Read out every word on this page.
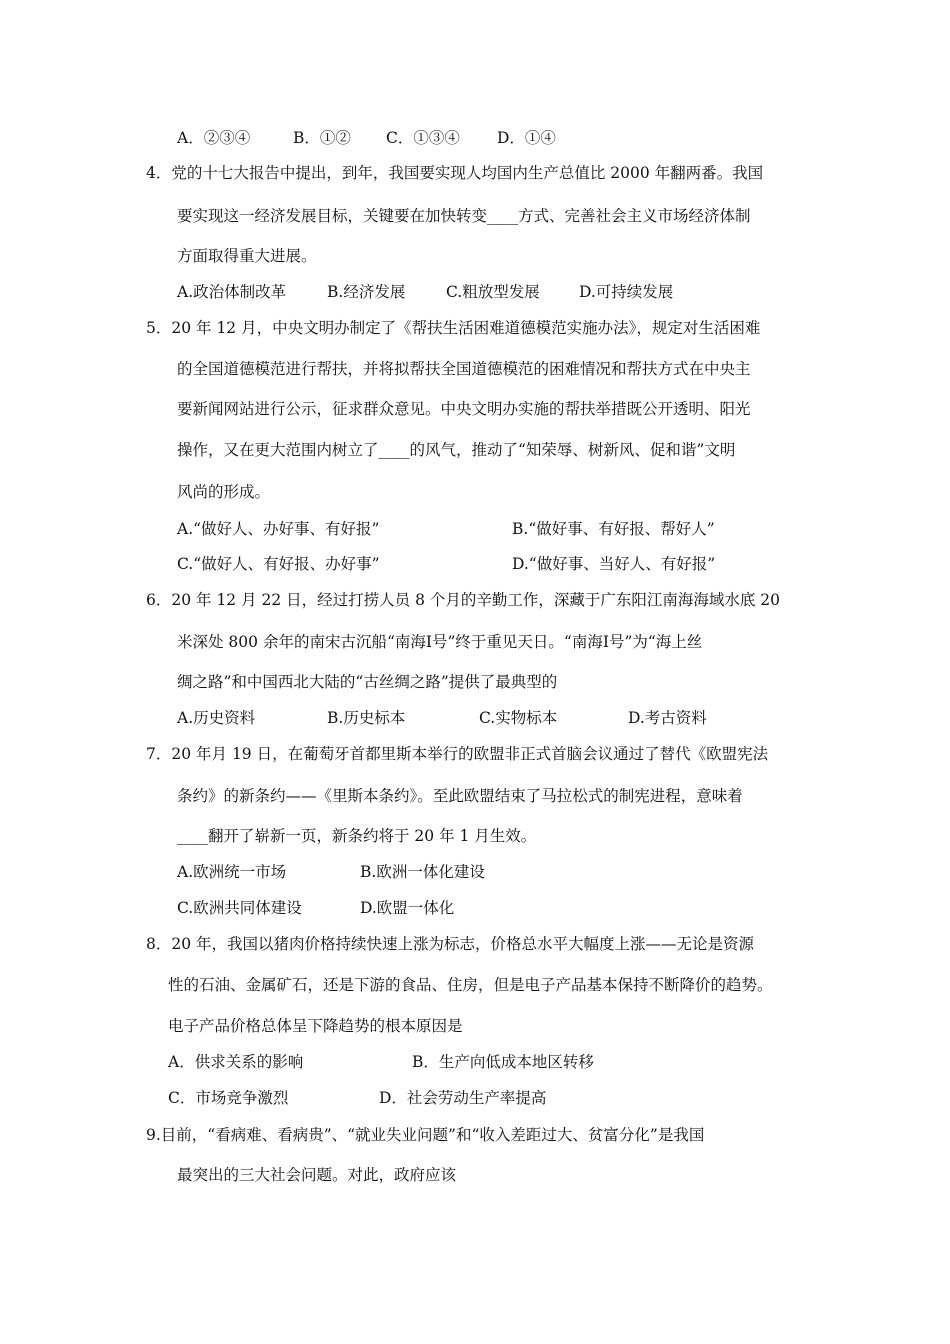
A．②③④	B．①② C．①③④ D．①④
4．党的十七大报告中提出，到年，我国要实现人均国内生产总值比 2000 年翻两番。我国
要实现这一经济发展目标，关键要在加快转变____方式、完善社会主义市场经济体制
方面取得重大进展。
A.政治体制改革	B.经济发展	C.粗放型发展	D.可持续发展
5．20 年 12 月，中央文明办制定了《帮扶生活困难道德模范实施办法》，规定对生活困难
的全国道德模范进行帮扶，并将拟帮扶全国道德模范的困难情况和帮扶方式在中央主
要新闻网站进行公示，征求群众意见。中央文明办实施的帮扶举措既公开透明、阳光
操作，又在更大范围内树立了____的风气，推动了“知荣辱、树新风、促和谐”文明
风尚的形成。
A.“做好人、办好事、有好报”	B.“做好事、有好报、帮好人”
C.“做好人、有好报、办好事”	D.“做好事、当好人、有好报”
6．20 年 12 月 22 日，经过打捞人员 8 个月的辛勤工作，深藏于广东阳江南海海域水底 20
米深处 800 余年的南宋古沉船“南海Ⅰ号”终于重见天日。“南海Ⅰ号”为“海上丝
绸之路”和中国西北大陆的“古丝绸之路”提供了最典型的
A.历史资料	B.历史标本	C.实物标本	D.考古资料
7．20 年月 19 日，在葡萄牙首都里斯本举行的欧盟非正式首脑会议通过了替代《欧盟宪法
条约》的新条约——《里斯本条约》。至此欧盟结束了马拉松式的制宪进程，意味着
____翻开了崭新一页，新条约将于 20 年 1 月生效。
A.欧洲统一市场	B.欧洲一体化建设
C.欧洲共同体建设	D.欧盟一体化
8．20 年，我国以猪肉价格持续快速上涨为标志，价格总水平大幅度上涨——无论是资源
性的石油、金属矿石，还是下游的食品、住房，但是电子产品基本保持不断降价的趋势。
电子产品价格总体呈下降趋势的根本原因是
A．供求关系的影响	B．生产向低成本地区转移
C．市场竞争激烈	D．社会劳动生产率提高
9.目前，“看病难、看病贵”、“就业失业问题”和“收入差距过大、贫富分化”是我国
最突出的三大社会问题。对此，政府应该
